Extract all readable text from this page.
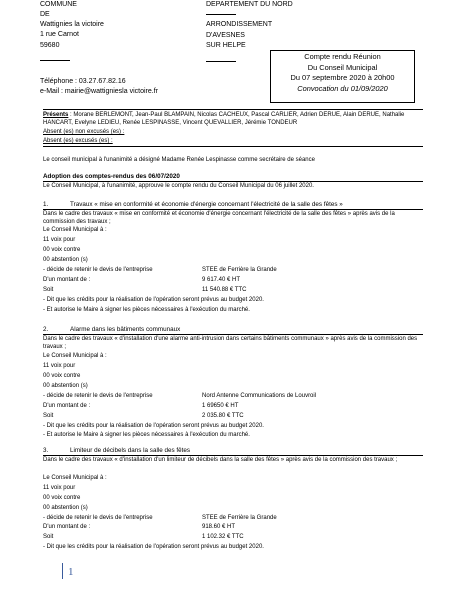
COMMUNE
DE
Wattignies la victoire
1 rue Carnot
59680
DEPARTEMENT DU NORD
ARRONDISSEMENT
D'AVESNES
SUR HELPE
Compte rendu Réunion
Du Conseil Municipal
Du 07 septembre 2020 à 20h00
Convocation du 01/09/2020
Téléphone : 03.27.67.82.16
e-Mail : mairie@wattigniesla victoire.fr
Présents : Morane BERLEMONT, Jean-Paul BLAMPAIN, Nicolas CACHEUX, Pascal CARLIER, Adrien DERUE, Alain DERUE, Nathalie HANCART, Evelyne LEDIEU, Renée LESPINASSE, Vincent QUEVALLIER, Jérémie TONDEUR
Absent (es) non excusés (es) :
Absent (es) excusés (es) :
Le conseil municipal à l'unanimité a désigné Madame Renée Lespinasse comme secrétaire de séance
Adoption des comptes-rendus des 06/07/2020
Le Conseil Municipal, à l'unanimité, approuve le compte rendu du Conseil Municipal du 06 juillet 2020.
1.	Travaux « mise en conformité et économie d'énergie concernant l'électricité de la salle des fêtes »
Dans le cadre des travaux « mise en conformité et économie d'énergie concernant l'électricité de la salle des fêtes » après avis de la commission des travaux ;
Le Conseil Municipal à :
11 voix pour
00 voix contre
00 abstention (s)
- décide de retenir le devis de l'entreprise	STEE de Ferrière la Grande
D'un montant de :	9 617.40 € HT
Soit	11 540.88 € TTC
- Dit que les crédits pour la réalisation de l'opération seront prévus au budget 2020.
- Et autorise le Maire à signer les pièces nécessaires à l'exécution du marché.
2.	Alarme dans les bâtiments communaux
Dans le cadre des travaux « d'installation d'une alarme anti-intrusion dans certains bâtiments communaux » après avis de la commission des travaux ;
Le Conseil Municipal à :
11 voix pour
00 voix contre
00 abstention (s)
- décide de retenir le devis de l'entreprise	Nord Antenne Communications de Louvroil
D'un montant de :	1 69650 € HT
Soit	2 035.80 € TTC
- Dit que les crédits pour la réalisation de l'opération seront prévus au budget 2020.
- Et autorise le Maire à signer les pièces nécessaires à l'exécution du marché.
3.	Limiteur de décibels dans la salle des fêtes
Dans le cadre des travaux « d'installation d'un limiteur de décibels dans la salle des fêtes » après avis de la commission des travaux ;
Le Conseil Municipal à :
11 voix pour
00 voix contre
00 abstention (s)
- décide de retenir le devis de l'entreprise	STEE de Ferrière la Grande
D'un montant de :	918.60 € HT
Soit	1 102.32 € TTC
- Dit que les crédits pour la réalisation de l'opération seront prévus au budget 2020.
1
